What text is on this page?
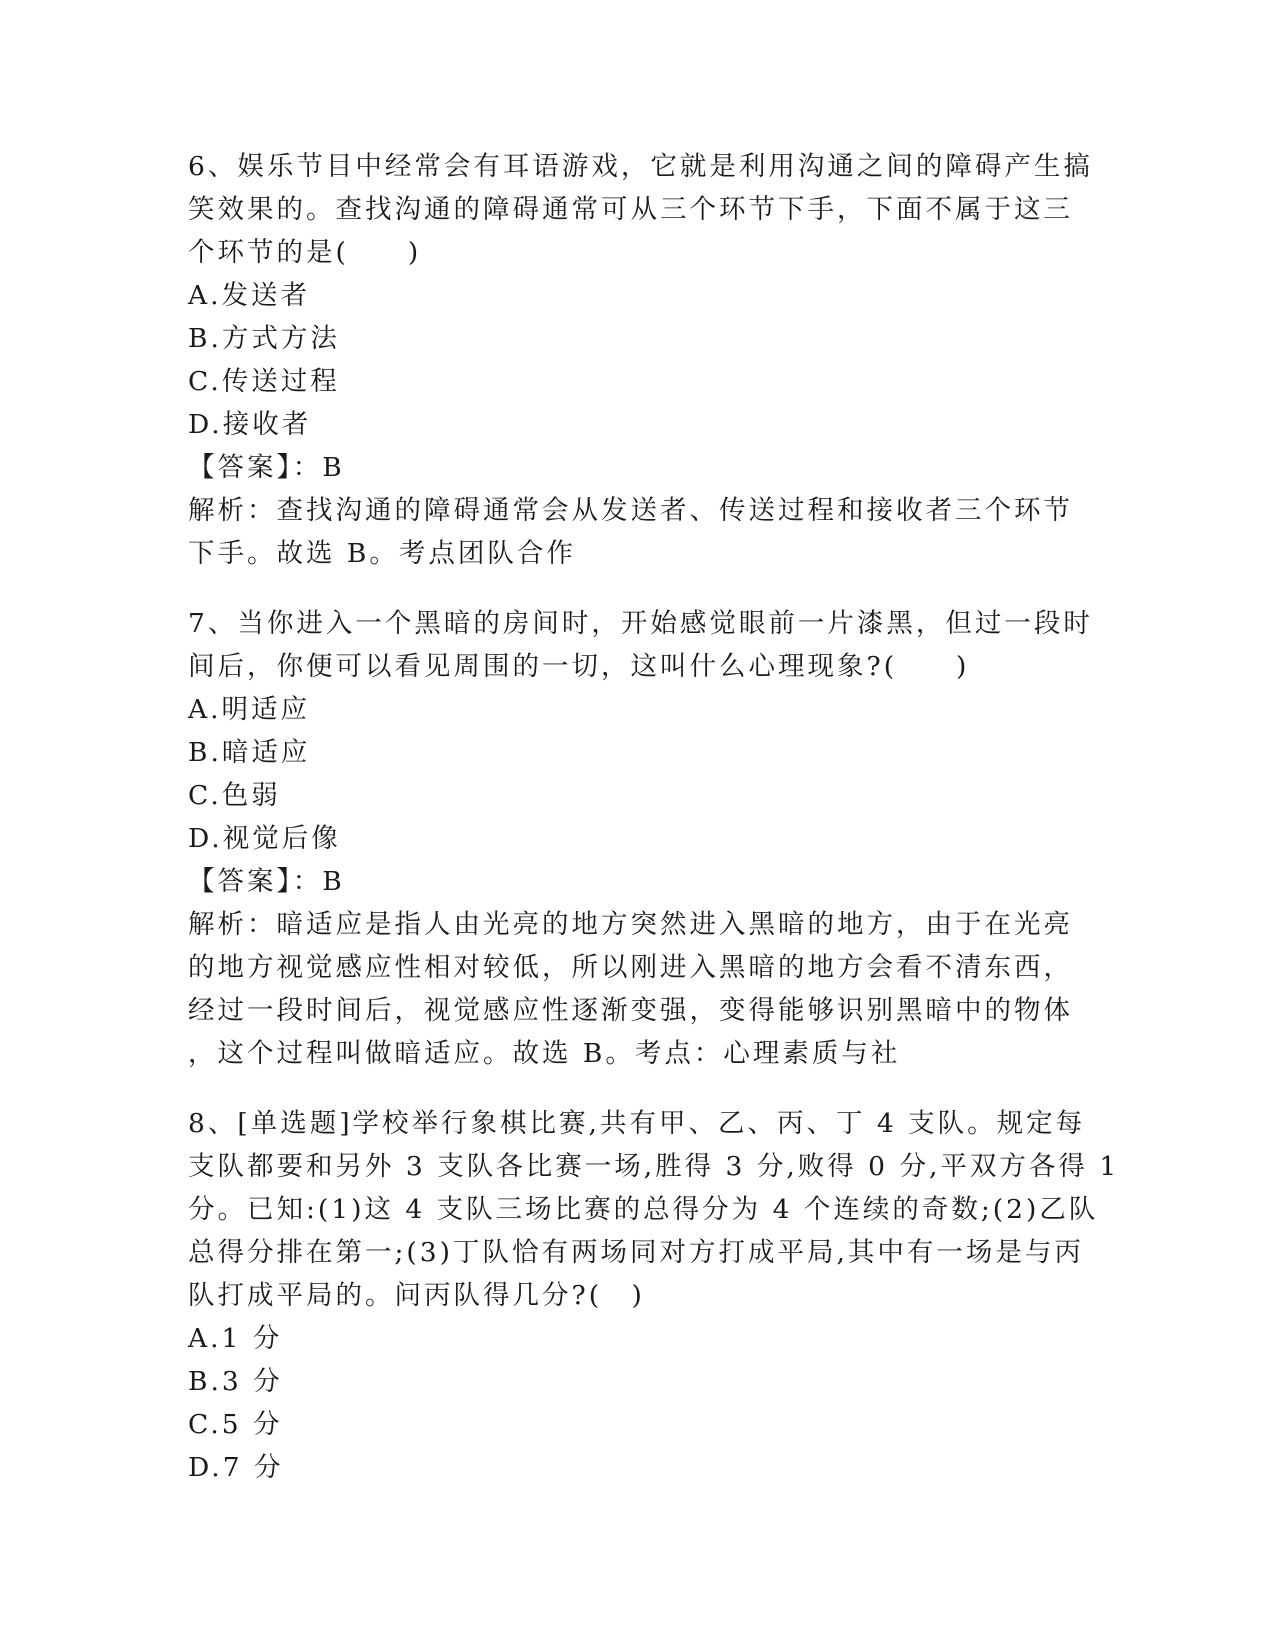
6、娱乐节目中经常会有耳语游戏，它就是利用沟通之间的障碍产生搞
笑效果的。查找沟通的障碍通常可从三个环节下手，下面不属于这三
个环节的是(　　)
A.发送者
B.方式方法
C.传送过程
D.接收者
【答案】：B
解析：查找沟通的障碍通常会从发送者、传送过程和接收者三个环节
下手。故选 B。考点团队合作
7、当你进入一个黑暗的房间时，开始感觉眼前一片漆黑，但过一段时
间后，你便可以看见周围的一切，这叫什么心理现象?(　　)
A.明适应
B.暗适应
C.色弱
D.视觉后像
【答案】：B
解析：暗适应是指人由光亮的地方突然进入黑暗的地方，由于在光亮
的地方视觉感应性相对较低，所以刚进入黑暗的地方会看不清东西，
经过一段时间后，视觉感应性逐渐变强，变得能够识别黑暗中的物体
，这个过程叫做暗适应。故选 B。考点：心理素质与社
8、[单选题]学校举行象棋比赛,共有甲、乙、丙、丁 4 支队。规定每
支队都要和另外 3 支队各比赛一场,胜得 3 分,败得 0 分,平双方各得 1
分。已知:(1)这 4 支队三场比赛的总得分为 4 个连续的奇数;(2)乙队
总得分排在第一;(3)丁队恰有两场同对方打成平局,其中有一场是与丙
队打成平局的。问丙队得几分?(　)
A.1 分
B.3 分
C.5 分
D.7 分
